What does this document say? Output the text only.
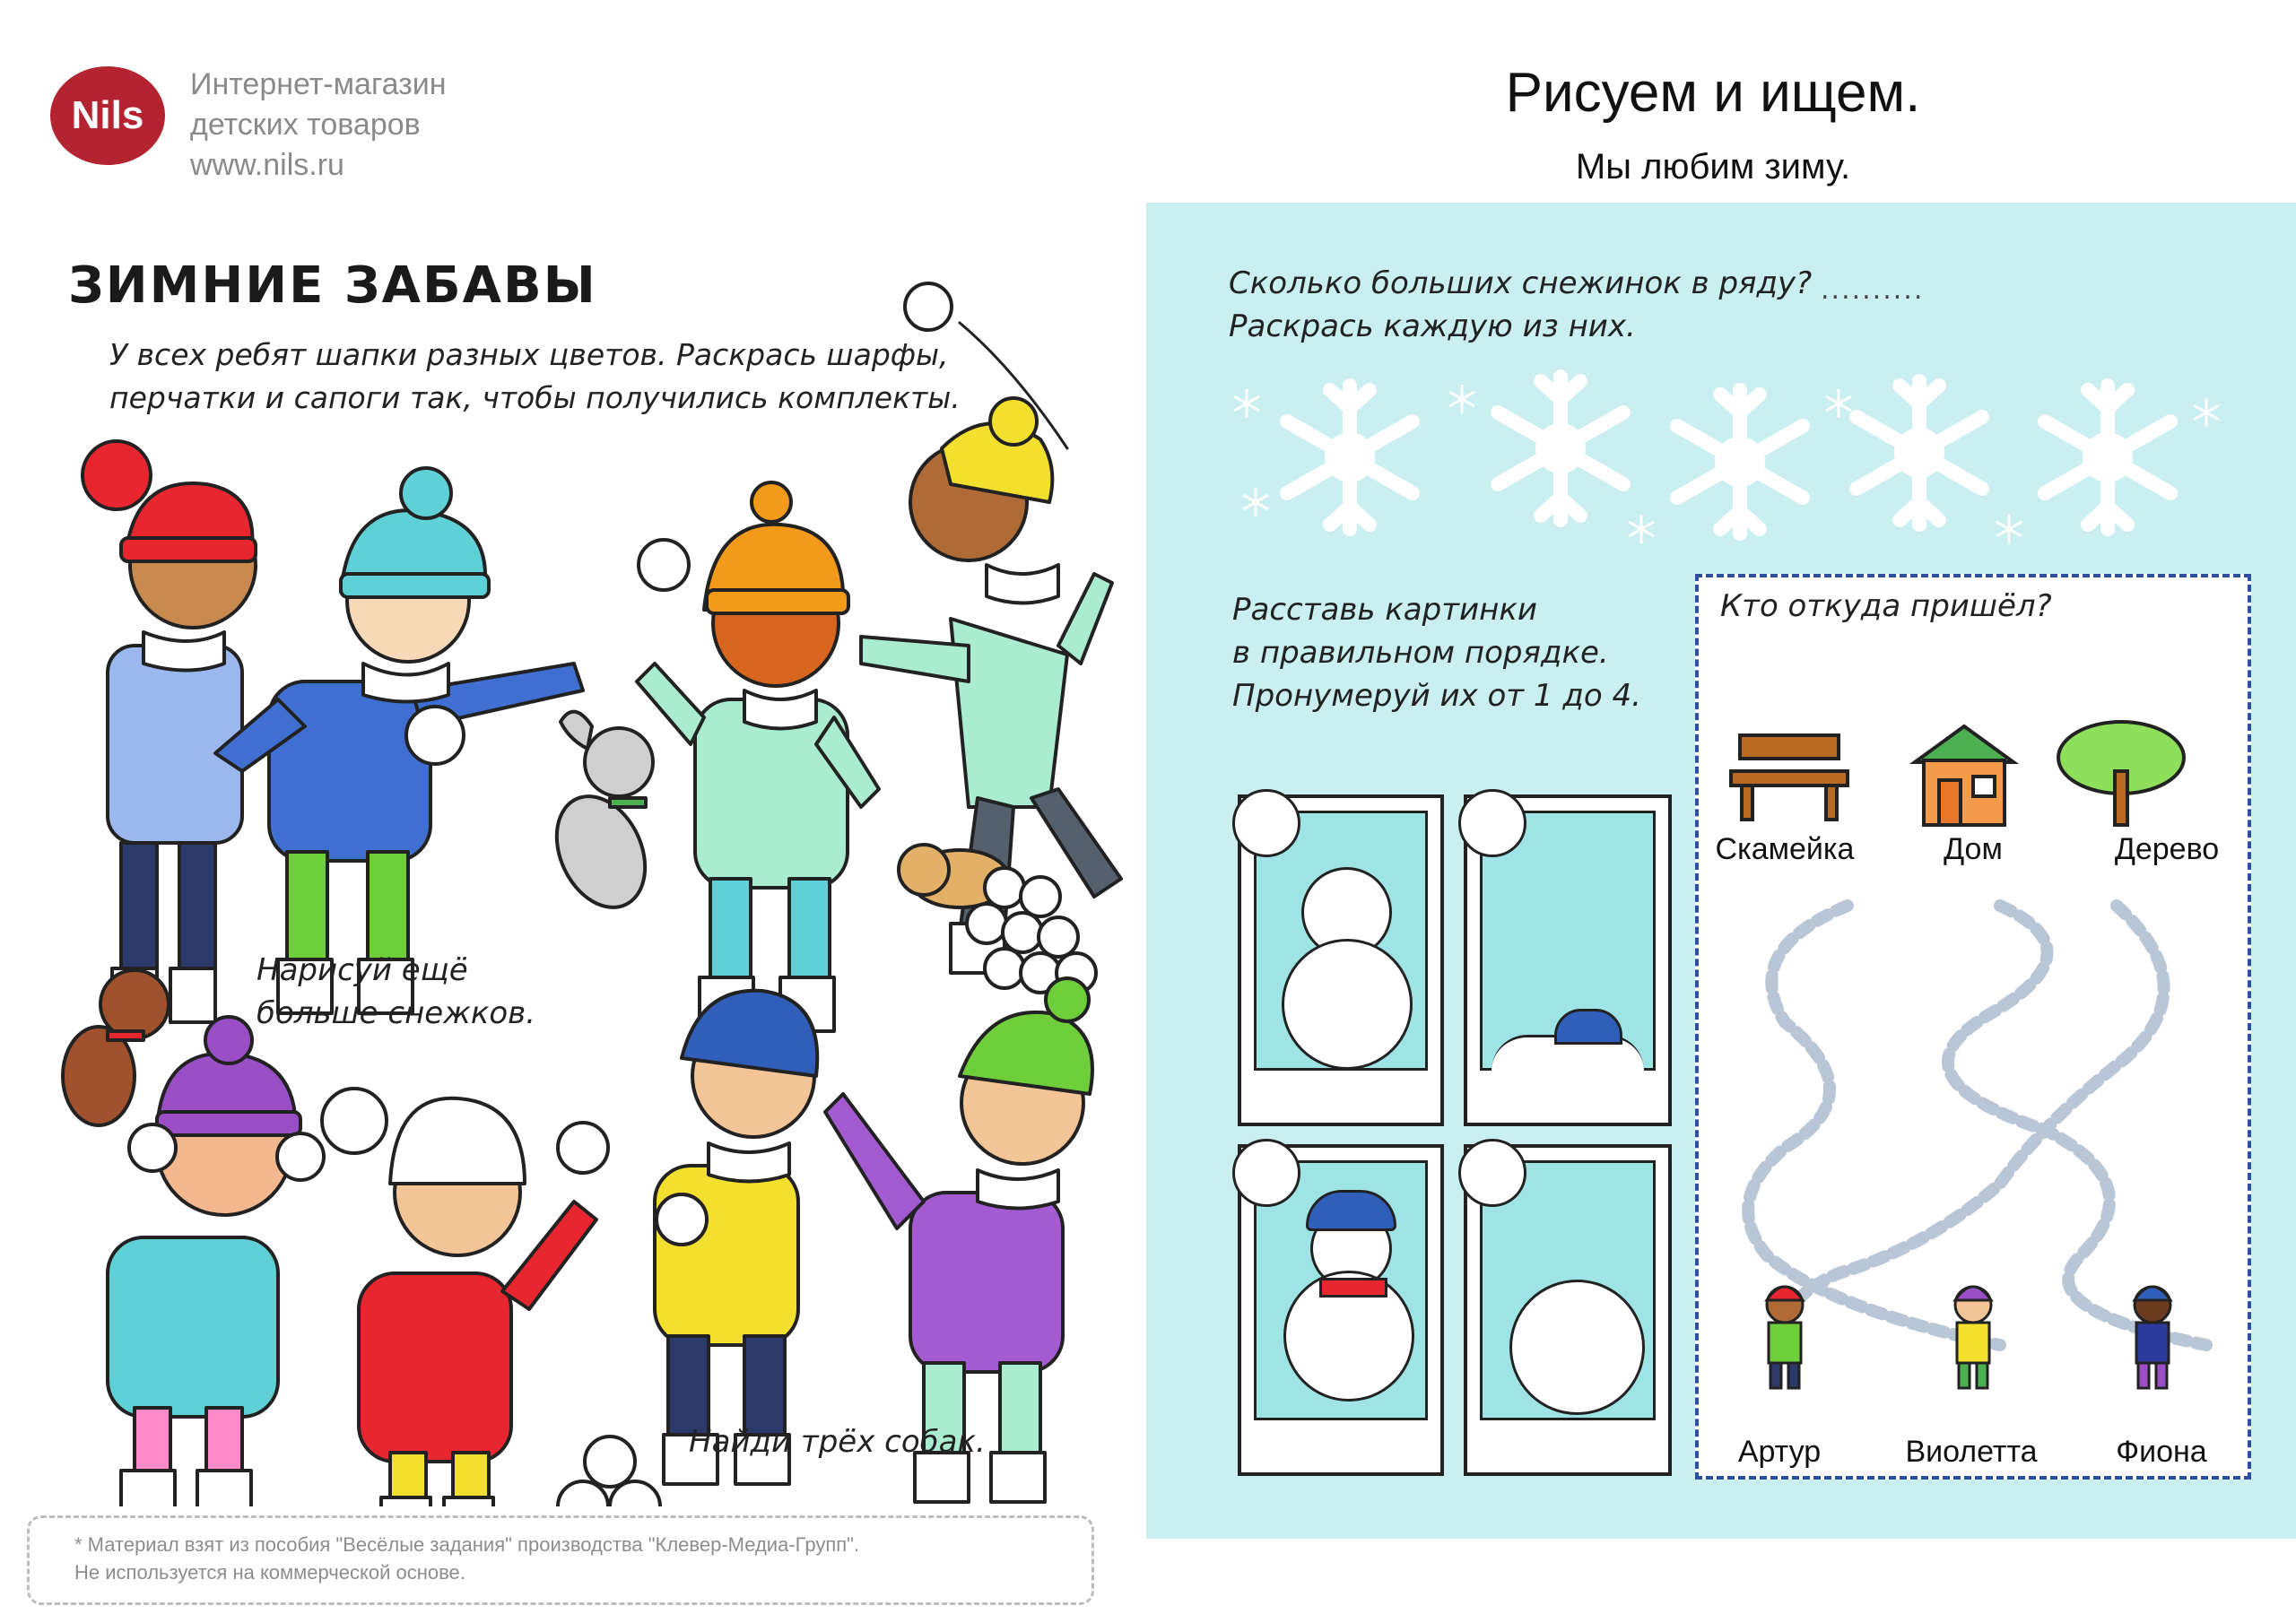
Nils
Интернет-магазин
детских товаров
www.nils.ru
Рисуем и ищем.
Мы любим зиму.
ЗИМНИЕ ЗАБАВЫ
У всех ребят шапки разных цветов. Раскрась шарфы,
перчатки и сапоги так, чтобы получились комплекты.
Нарисуй ещё
больше снежков.
Найди трёх собак.
* Материал взят из пособия "Весёлые задания" производства "Клевер-Медиа-Групп".
Не используется на коммерческой основе.
Сколько больших снежинок в ряду?
Раскрась каждую из них.
..........
Расставь картинки
в правильном порядке.
Пронумеруй их от 1 до 4.
Кто откуда пришёл?
Скамейка	Дом	Дерево
Артур	Виолетта	Фиона
